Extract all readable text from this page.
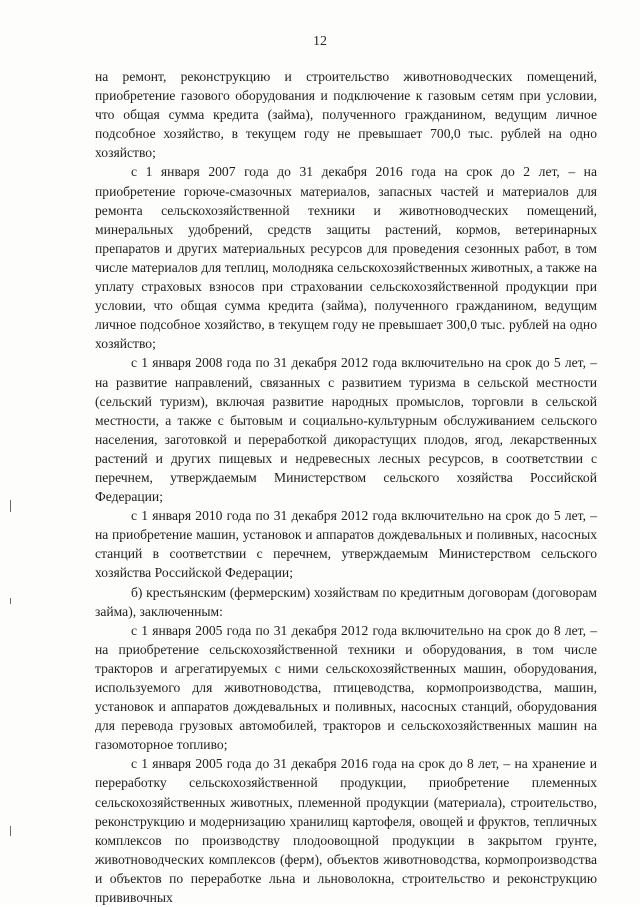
12

на ремонт, реконструкцию и строительство животноводческих помещений, приобретение газового оборудования и подключение к газовым сетям при условии, что общая сумма кредита (займа), полученного гражданином, ведущим личное подсобное хозяйство, в текущем году не превышает 700,0 тыс. рублей на одно хозяйство;

с 1 января 2007 года до 31 декабря 2016 года на срок до 2 лет, – на приобретение горюче-смазочных материалов, запасных частей и материалов для ремонта сельскохозяйственной техники и животноводческих помещений, минеральных удобрений, средств защиты растений, кормов, ветеринарных препаратов и других материальных ресурсов для проведения сезонных работ, в том числе материалов для теплиц, молодняка сельскохозяйственных животных, а также на уплату страховых взносов при страховании сельскохозяйственной продукции при условии, что общая сумма кредита (займа), полученного гражданином, ведущим личное подсобное хозяйство, в текущем году не превышает 300,0 тыс. рублей на одно хозяйство;

с 1 января 2008 года по 31 декабря 2012 года включительно на срок до 5 лет, – на развитие направлений, связанных с развитием туризма в сельской местности (сельский туризм), включая развитие народных промыслов, торговли в сельской местности, а также с бытовым и социально-культурным обслуживанием сельского населения, заготовкой и переработкой дикорастущих плодов, ягод, лекарственных растений и других пищевых и недревесных лесных ресурсов, в соответствии с перечнем, утверждаемым Министерством сельского хозяйства Российской Федерации;

с 1 января 2010 года по 31 декабря 2012 года включительно на срок до 5 лет, – на приобретение машин, установок и аппаратов дождевальных и поливных, насосных станций в соответствии с перечнем, утверждаемым Министерством сельского хозяйства Российской Федерации;

б) крестьянским (фермерским) хозяйствам по кредитным договорам (договорам займа), заключенным:

с 1 января 2005 года по 31 декабря 2012 года включительно на срок до 8 лет, – на приобретение сельскохозяйственной техники и оборудования, в том числе тракторов и агрегатируемых с ними сельскохозяйственных машин, оборудования, используемого для животноводства, птицеводства, кормопроизводства, машин, установок и аппаратов дождевальных и поливных, насосных станций, оборудования для перевода грузовых автомобилей, тракторов и сельскохозяйственных машин на газомоторное топливо;

с 1 января 2005 года до 31 декабря 2016 года на срок до 8 лет, – на хранение и переработку сельскохозяйственной продукции, приобретение племенных сельскохозяйственных животных, племенной продукции (материала), строительство, реконструкцию и модернизацию хранилищ картофеля, овощей и фруктов, тепличных комплексов по производству плодоовощной продукции в закрытом грунте, животноводческих комплексов (ферм), объектов животноводства, кормопроизводства и объектов по переработке льна и льноволокна, строительство и реконструкцию прививочных
